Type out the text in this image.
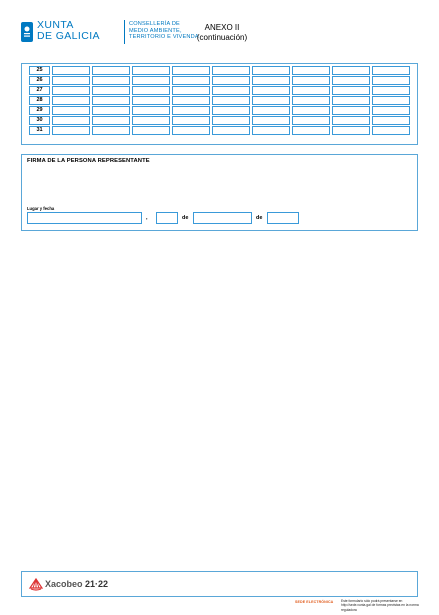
XUNTA
DE GALICIA
CONSELLERÍA DE
MEDIO AMBIENTE,
TERRITORIO E VIVENDA
ANEXO II
(continuación)
25									
26									
27									
28									
29									
30									
31									
FIRMA DE LA PERSONA REPRESENTANTE
Lugar y fecha
,	de	de
Xacobeo 21·22
SEDE ELECTRÓNICA Este formulario sólo podrá presentarse en http://sede.xunta.gal de formas previstas en la norma reguladora
